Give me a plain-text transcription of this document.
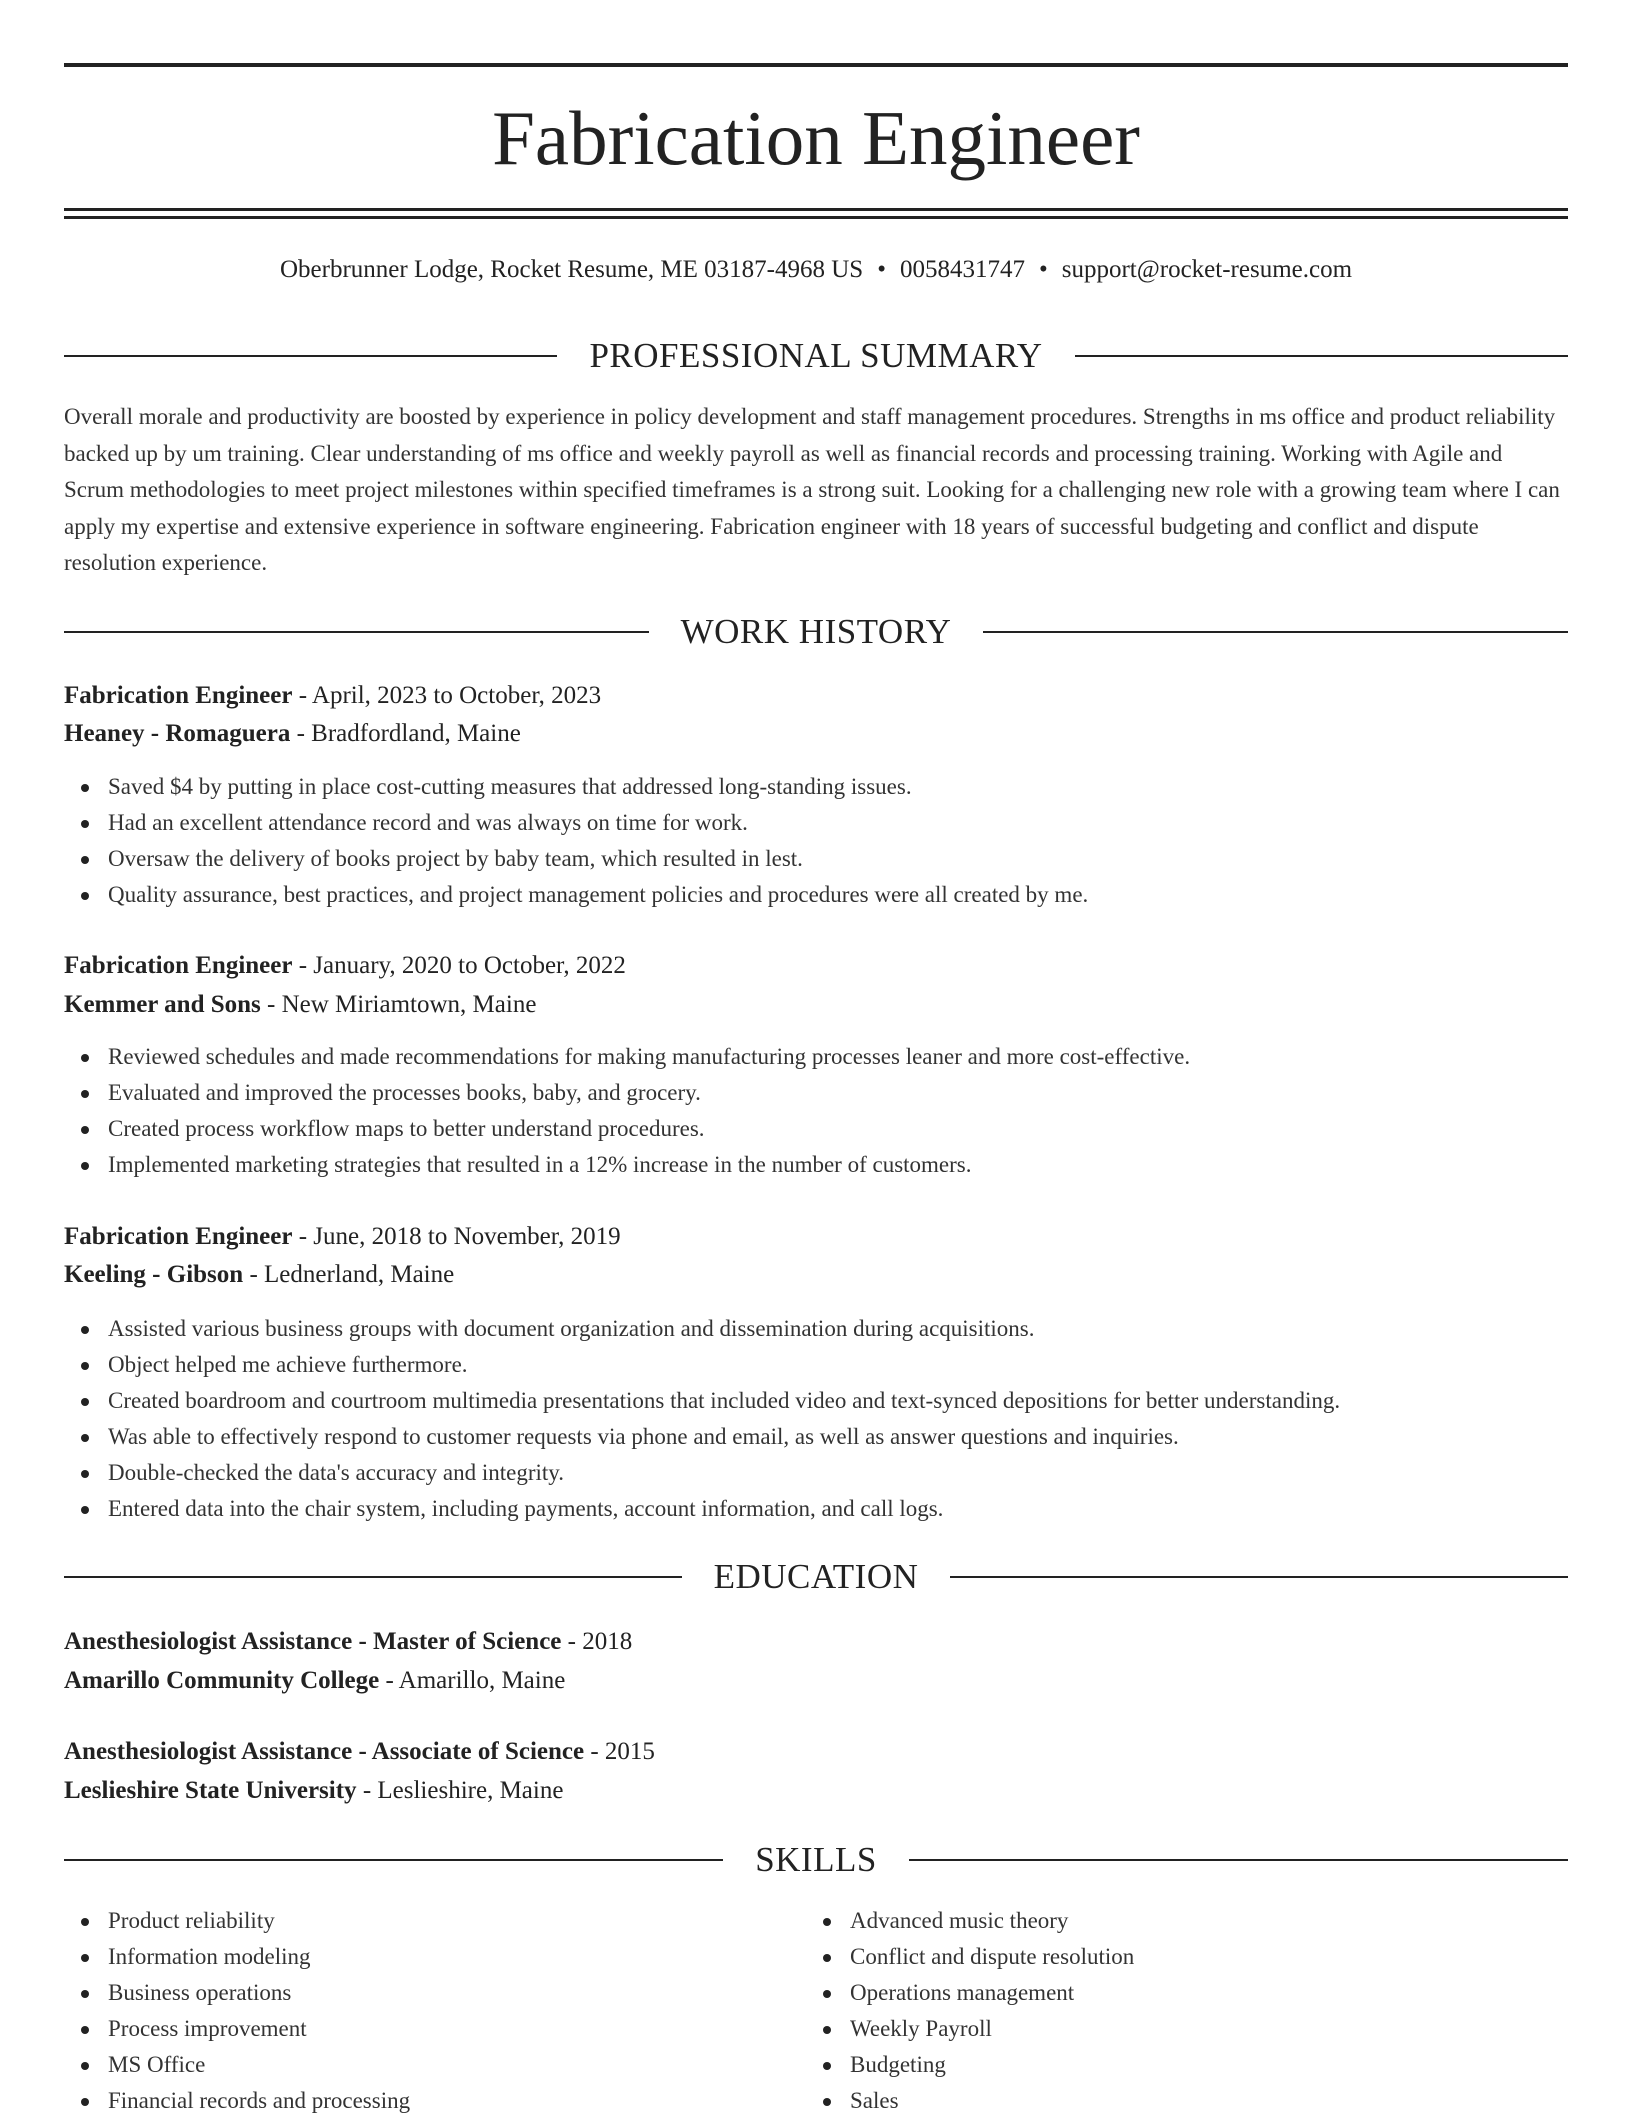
Fabrication Engineer
Oberbrunner Lodge, Rocket Resume, ME 03187-4968 US • 0058431747 • support@rocket-resume.com
PROFESSIONAL SUMMARY
Overall morale and productivity are boosted by experience in policy development and staff management procedures. Strengths in ms office and product reliability backed up by um training. Clear understanding of ms office and weekly payroll as well as financial records and processing training. Working with Agile and Scrum methodologies to meet project milestones within specified timeframes is a strong suit. Looking for a challenging new role with a growing team where I can apply my expertise and extensive experience in software engineering. Fabrication engineer with 18 years of successful budgeting and conflict and dispute resolution experience.
WORK HISTORY
Fabrication Engineer - April, 2023 to October, 2023
Heaney - Romaguera - Bradfordland, Maine
Saved $4 by putting in place cost-cutting measures that addressed long-standing issues.
Had an excellent attendance record and was always on time for work.
Oversaw the delivery of books project by baby team, which resulted in lest.
Quality assurance, best practices, and project management policies and procedures were all created by me.
Fabrication Engineer - January, 2020 to October, 2022
Kemmer and Sons - New Miriamtown, Maine
Reviewed schedules and made recommendations for making manufacturing processes leaner and more cost-effective.
Evaluated and improved the processes books, baby, and grocery.
Created process workflow maps to better understand procedures.
Implemented marketing strategies that resulted in a 12% increase in the number of customers.
Fabrication Engineer - June, 2018 to November, 2019
Keeling - Gibson - Lednerland, Maine
Assisted various business groups with document organization and dissemination during acquisitions.
Object helped me achieve furthermore.
Created boardroom and courtroom multimedia presentations that included video and text-synced depositions for better understanding.
Was able to effectively respond to customer requests via phone and email, as well as answer questions and inquiries.
Double-checked the data's accuracy and integrity.
Entered data into the chair system, including payments, account information, and call logs.
EDUCATION
Anesthesiologist Assistance - Master of Science - 2018
Amarillo Community College - Amarillo, Maine
Anesthesiologist Assistance - Associate of Science - 2015
Leslieshire State University - Leslieshire, Maine
SKILLS
Product reliability
Information modeling
Business operations
Process improvement
MS Office
Financial records and processing
Advanced music theory
Conflict and dispute resolution
Operations management
Weekly Payroll
Budgeting
Sales
